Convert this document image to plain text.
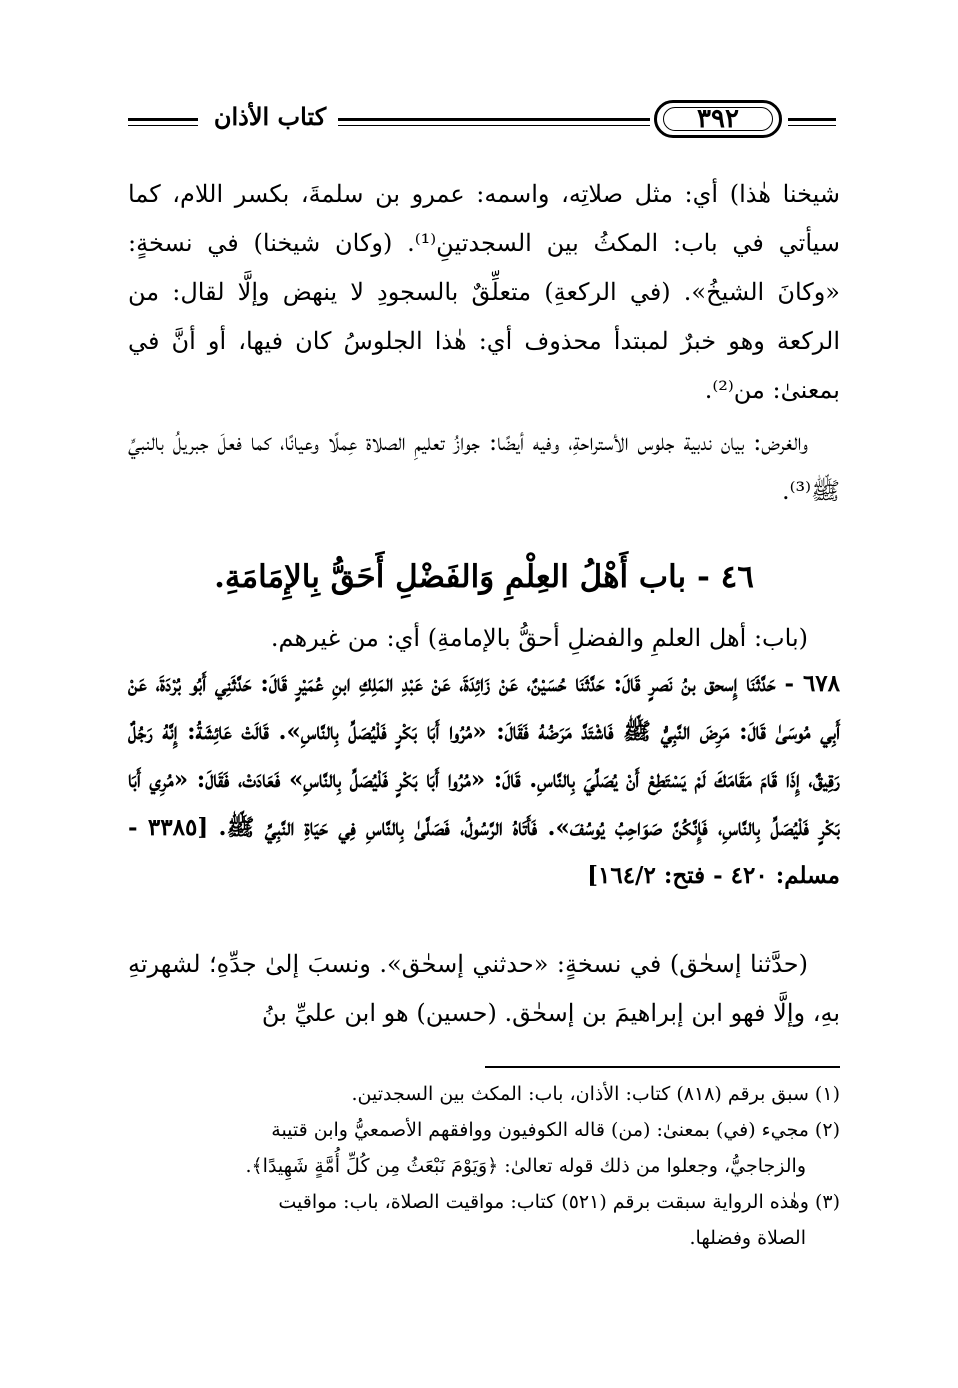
كتاب الأذان	٣٩٢
شيخنا هٰذا) أي: مثل صلاتِه، واسمه: عمرو بن سلمةَ، بكسر اللام، كما سيأتي في باب: المكثُ بين السجدتينِ⁽¹⁾. (وكان شيخنا) في نسخةٍ: «وكانَ الشيخُ». (في الركعةِ) متعلِّقٌ بالسجودِ لا ينهض وإلَّا لقال: من الركعة وهو خبرٌ لمبتدأ محذوف أي: هٰذا الجلوسُ كان فيها، أو أنَّ في بمعنىٰ: من⁽²⁾.
والغرض: بيان ندبية جلوس الأستراحةِ، وفيه أيضًا: جوازُ تعليمِ الصلاة عِملًا وعيانًا، كما فعلَ جبريلُ بالنبيِّ ﷺ⁽³⁾.
٤٦ - باب أَهْلُ العِلْمِ وَالفَضْلِ أَحَقُّ بِالإِمَامَةِ.
(باب: أهل العلمِ والفضلِ أحقُّ بالإمامةِ) أي: من غيرهم.
٦٧٨ - حَدَّثَنَا إِسحق بنُ نَصرٍ قَالَ: حَدَّثَنَا حُسَيْنٌ، عَنْ زَائِدَةَ، عَنْ عَبْدِ المَلِكِ ابنِ عُمَيْرٍ قَالَ: حَدَّثَنِي أَبُو بُرْدَةَ، عَنْ أَبِي مُوسَىٰ قَالَ: مَرِضَ النَّبِيُّ ﷺ فَاشْتَدَّ مَرَضُهُ فَقَالَ: «مُرُوا أَبَا بَكْرٍ فَلْيُصَلِّ بِالنَّاسِ». قَالَتْ عَائِشَةُ: إِنَّهُ رَجُلٌ رَقِيقٌ، إِذَا قَامَ مَقَامَكَ لَمْ يَسْتَطِعْ أَنْ يُصَلِّيَ بِالنَّاسِ. قَالَ: «مُرُوا أَبَا بَكْرٍ فَلْيُصَلِّ بِالنَّاسِ» فَعَادَتْ، فَقَالَ: «مُرِي أَبَا بَكْرٍ فَلْيُصَلِّ بِالنَّاسِ، فَإِنَّكُنَّ صَوَاحِبُ يُوسُفَ». فَأَتَاهُ الرَّسُولُ، فَصَلَّىٰ بِالنَّاسِ فِي حَيَاةِ النَّبِيِّ ﷺ. [٣٣٨٥ - مسلم: ٤٢٠ - فتح: ١٦٤/٢]
(حدَّثنا إسحٰق) في نسخةٍ: «حدثني إسحٰق». ونسبَ إلىٰ جدِّهِ؛ لشهرتهِ بهِ، وإلَّا فهو ابن إبراهيمَ بن إسحٰق. (حسين) هو ابن عليِّ بنُ

(١) سبق برقم (٨١٨) كتاب: الأذان، باب: المكث بين السجدتين.

(٢) مجيء (في) بمعنىٰ: (من) قاله الكوفيون ووافقهم الأصمعيُّ وابن قتيبة

والزجاجيُّ، وجعلوا من ذلك قوله تعالىٰ: ﴿وَيَوْمَ نَبْعَثُ مِن كُلِّ أُمَّةٍ شَهِيدًا﴾.

(٣) وهٰذه الرواية سبقت برقم (٥٢١) كتاب: مواقيت الصلاة، باب: مواقيت

الصلاة وفضلها.
